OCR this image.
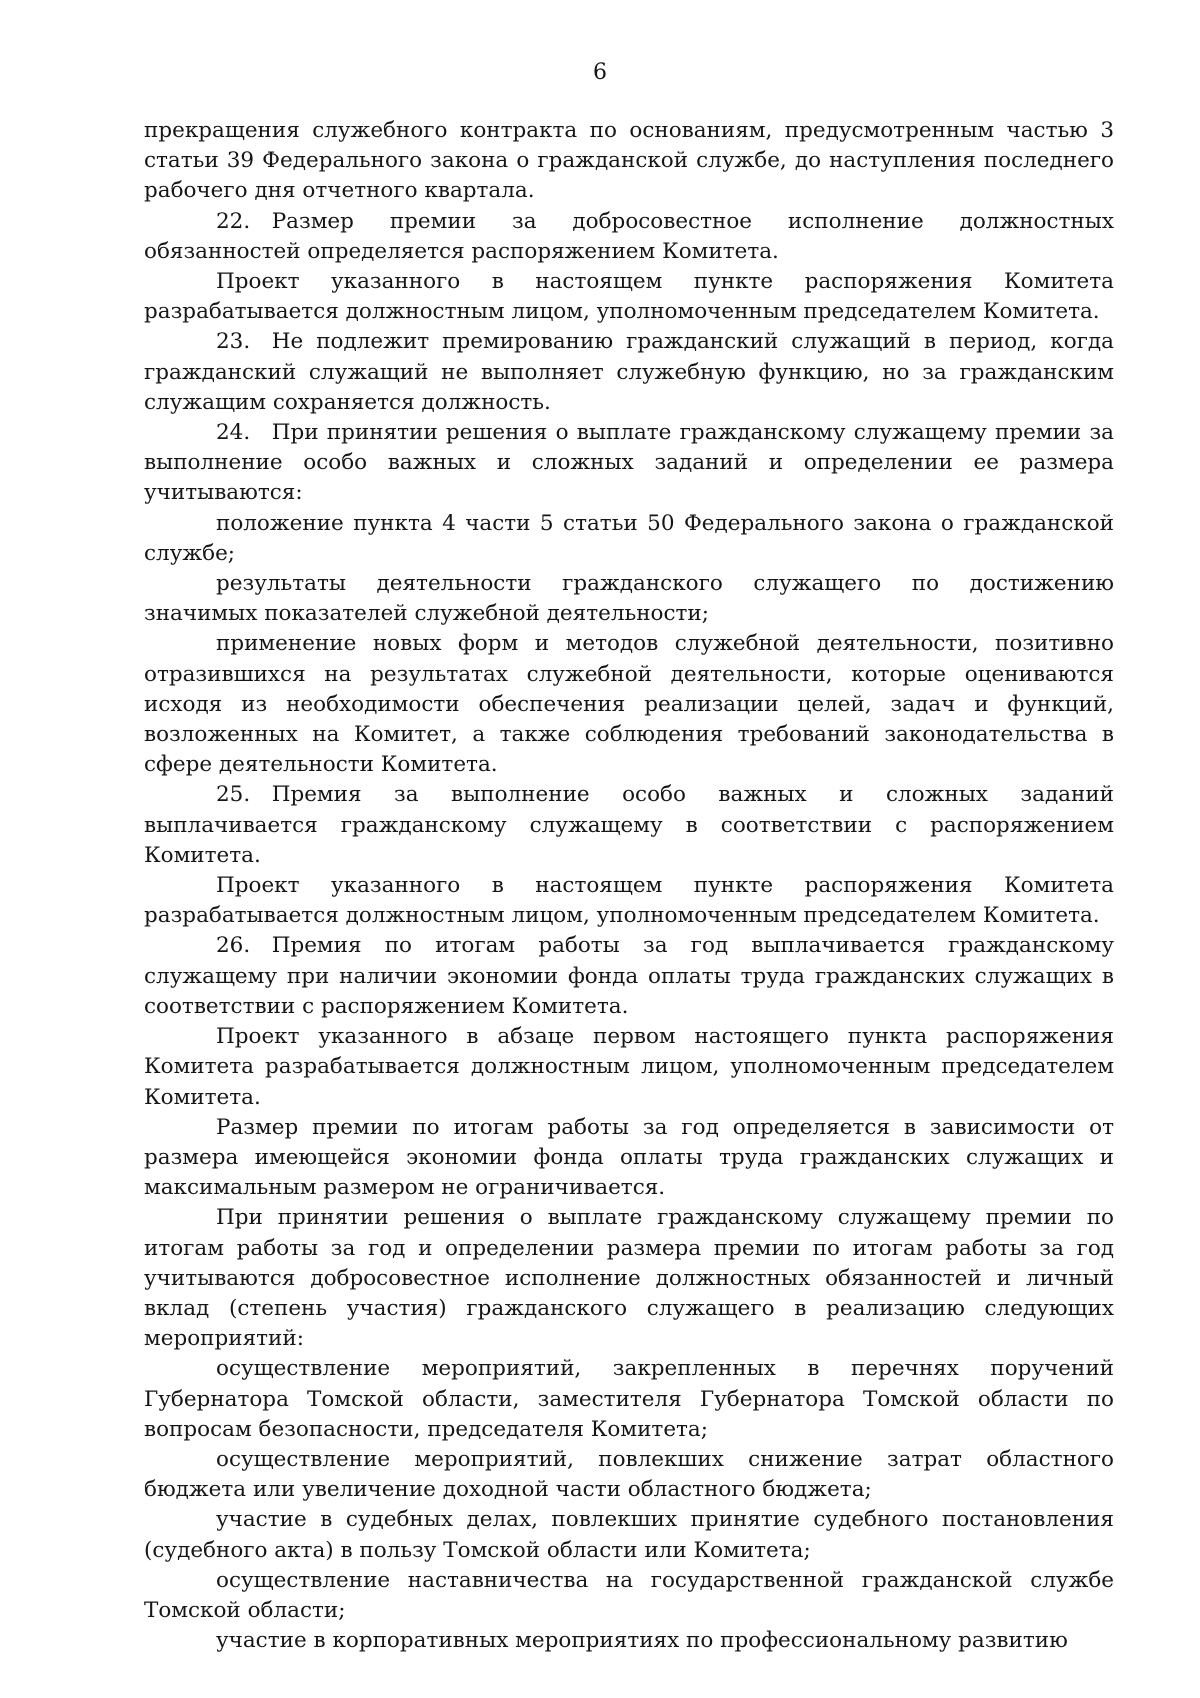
6

прекращения служебного контракта по основаниям, предусмотренным частью 3 статьи 39 Федерального закона о гражданской службе, до наступления последнего рабочего дня отчетного квартала.

22. Размер премии за добросовестное исполнение должностных обязанностей определяется распоряжением Комитета.

Проект указанного в настоящем пункте распоряжения Комитета разрабатывается должностным лицом, уполномоченным председателем Комитета.

23. Не подлежит премированию гражданский служащий в период, когда гражданский служащий не выполняет служебную функцию, но за гражданским служащим сохраняется должность.

24. При принятии решения о выплате гражданскому служащему премии за выполнение особо важных и сложных заданий и определении ее размера учитываются:

положение пункта 4 части 5 статьи 50 Федерального закона о гражданской службе;

результаты деятельности гражданского служащего по достижению значимых показателей служебной деятельности;

применение новых форм и методов служебной деятельности, позитивно отразившихся на результатах служебной деятельности, которые оцениваются исходя из необходимости обеспечения реализации целей, задач и функций, возложенных на Комитет, а также соблюдения требований законодательства в сфере деятельности Комитета.

25. Премия за выполнение особо важных и сложных заданий выплачивается гражданскому служащему в соответствии с распоряжением Комитета.

Проект указанного в настоящем пункте распоряжения Комитета разрабатывается должностным лицом, уполномоченным председателем Комитета.

26. Премия по итогам работы за год выплачивается гражданскому служащему при наличии экономии фонда оплаты труда гражданских служащих в соответствии с распоряжением Комитета.

Проект указанного в абзаце первом настоящего пункта распоряжения Комитета разрабатывается должностным лицом, уполномоченным председателем Комитета.

Размер премии по итогам работы за год определяется в зависимости от размера имеющейся экономии фонда оплаты труда гражданских служащих и максимальным размером не ограничивается.

При принятии решения о выплате гражданскому служащему премии по итогам работы за год и определении размера премии по итогам работы за год учитываются добросовестное исполнение должностных обязанностей и личный вклад (степень участия) гражданского служащего в реализацию следующих мероприятий:

осуществление мероприятий, закрепленных в перечнях поручений Губернатора Томской области, заместителя Губернатора Томской области по вопросам безопасности, председателя Комитета;

осуществление мероприятий, повлекших снижение затрат областного бюджета или увеличение доходной части областного бюджета;

участие в судебных делах, повлекших принятие судебного постановления (судебного акта) в пользу Томской области или Комитета;

осуществление наставничества на государственной гражданской службе Томской области;

участие в корпоративных мероприятиях по профессиональному развитию
